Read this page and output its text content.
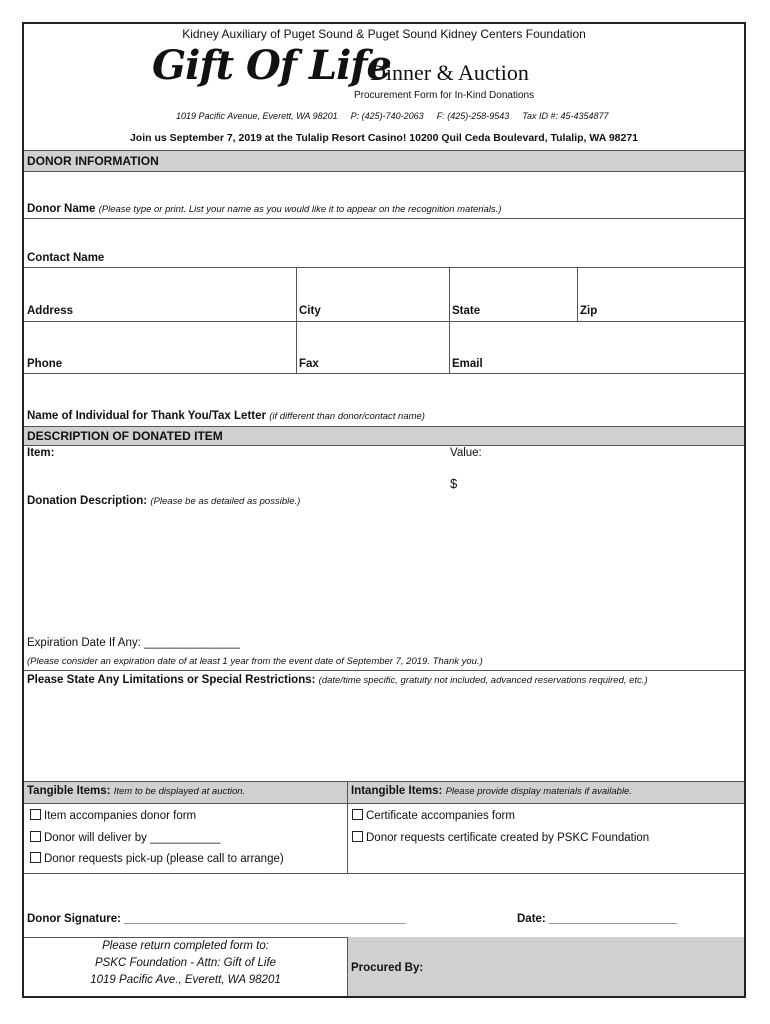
Kidney Auxiliary of Puget Sound & Puget Sound Kidney Centers Foundation
Gift Of Life
Dinner & Auction
Procurement Form for In-Kind Donations
1019 Pacific Avenue, Everett, WA 98201 P: (425)-740-2063 F: (425)-258-9543 Tax ID #: 45-4354877
Join us September 7, 2019 at the Tulalip Resort Casino! 10200 Quil Ceda Boulevard, Tulalip, WA 98271
DONOR INFORMATION
Donor Name (Please type or print. List your name as you would like it to appear on the recognition materials.)
Contact Name
Address	City	State	Zip
Phone	Fax	Email
Name of Individual for Thank You/Tax Letter (if different than donor/contact name)
DESCRIPTION OF DONATED ITEM
Item:	Value:
$
Donation Description: (Please be as detailed as possible.)
Expiration Date If Any: _______________
(Please consider an expiration date of at least 1 year from the event date of September 7, 2019. Thank you.)
Please State Any Limitations or Special Restrictions: (date/time specific, gratuity not included, advanced reservations required, etc.)
Tangible Items: Item to be displayed at auction.	Intangible Items: Please provide display materials if available.
Item accompanies donor form
Donor will deliver by ___________
Donor requests pick-up (please call to arrange)
Certificate accompanies form
Donor requests certificate created by PSKC Foundation
Donor Signature: ____________________________________________	Date: ____________________
Please return completed form to:
PSKC Foundation - Attn: Gift of Life
1019 Pacific Ave., Everett, WA 98201
Procured By:
